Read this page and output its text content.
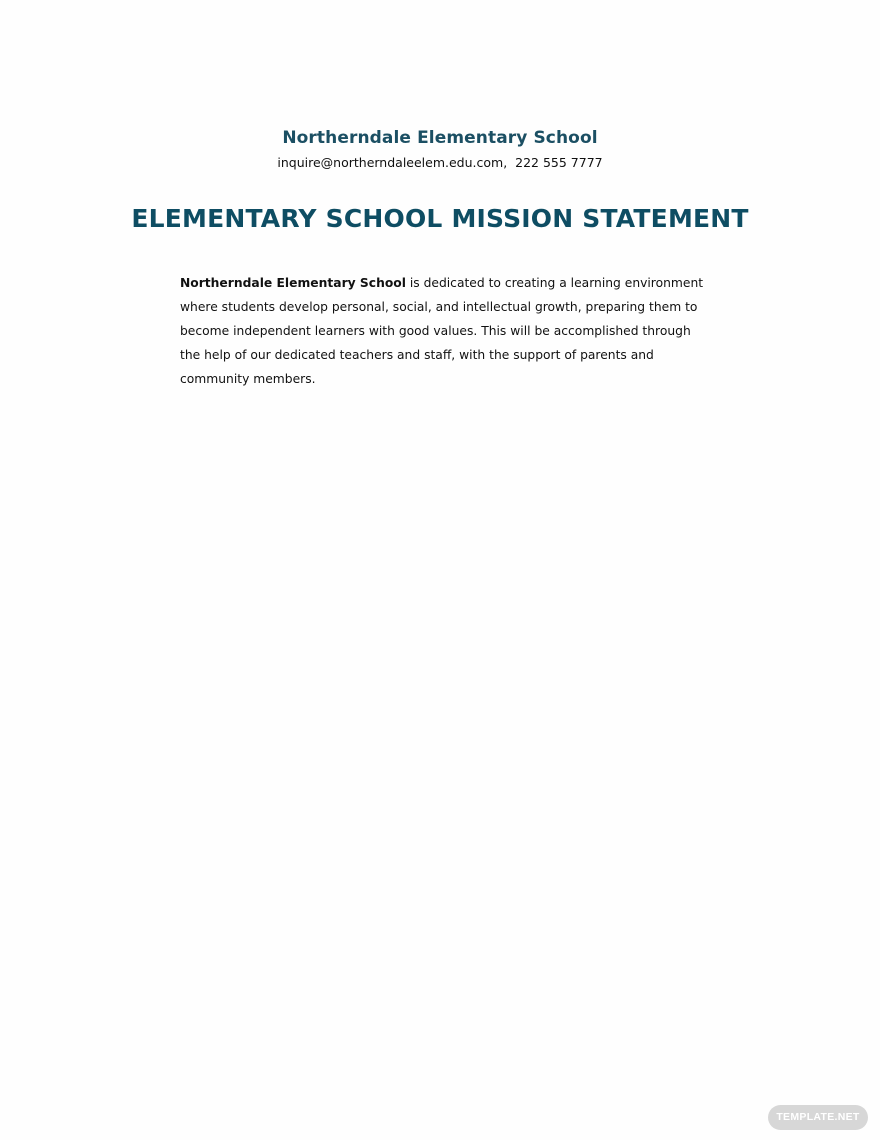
Northerndale Elementary School
inquire@northerndaleelem.edu.com,  222 555 7777
ELEMENTARY SCHOOL MISSION STATEMENT

Northerndale Elementary School is dedicated to creating a learning environment where students develop personal, social, and intellectual growth, preparing them to become independent learners with good values. This will be accomplished through the help of our dedicated teachers and staff, with the support of parents and community members.

TEMPLATE.NET
